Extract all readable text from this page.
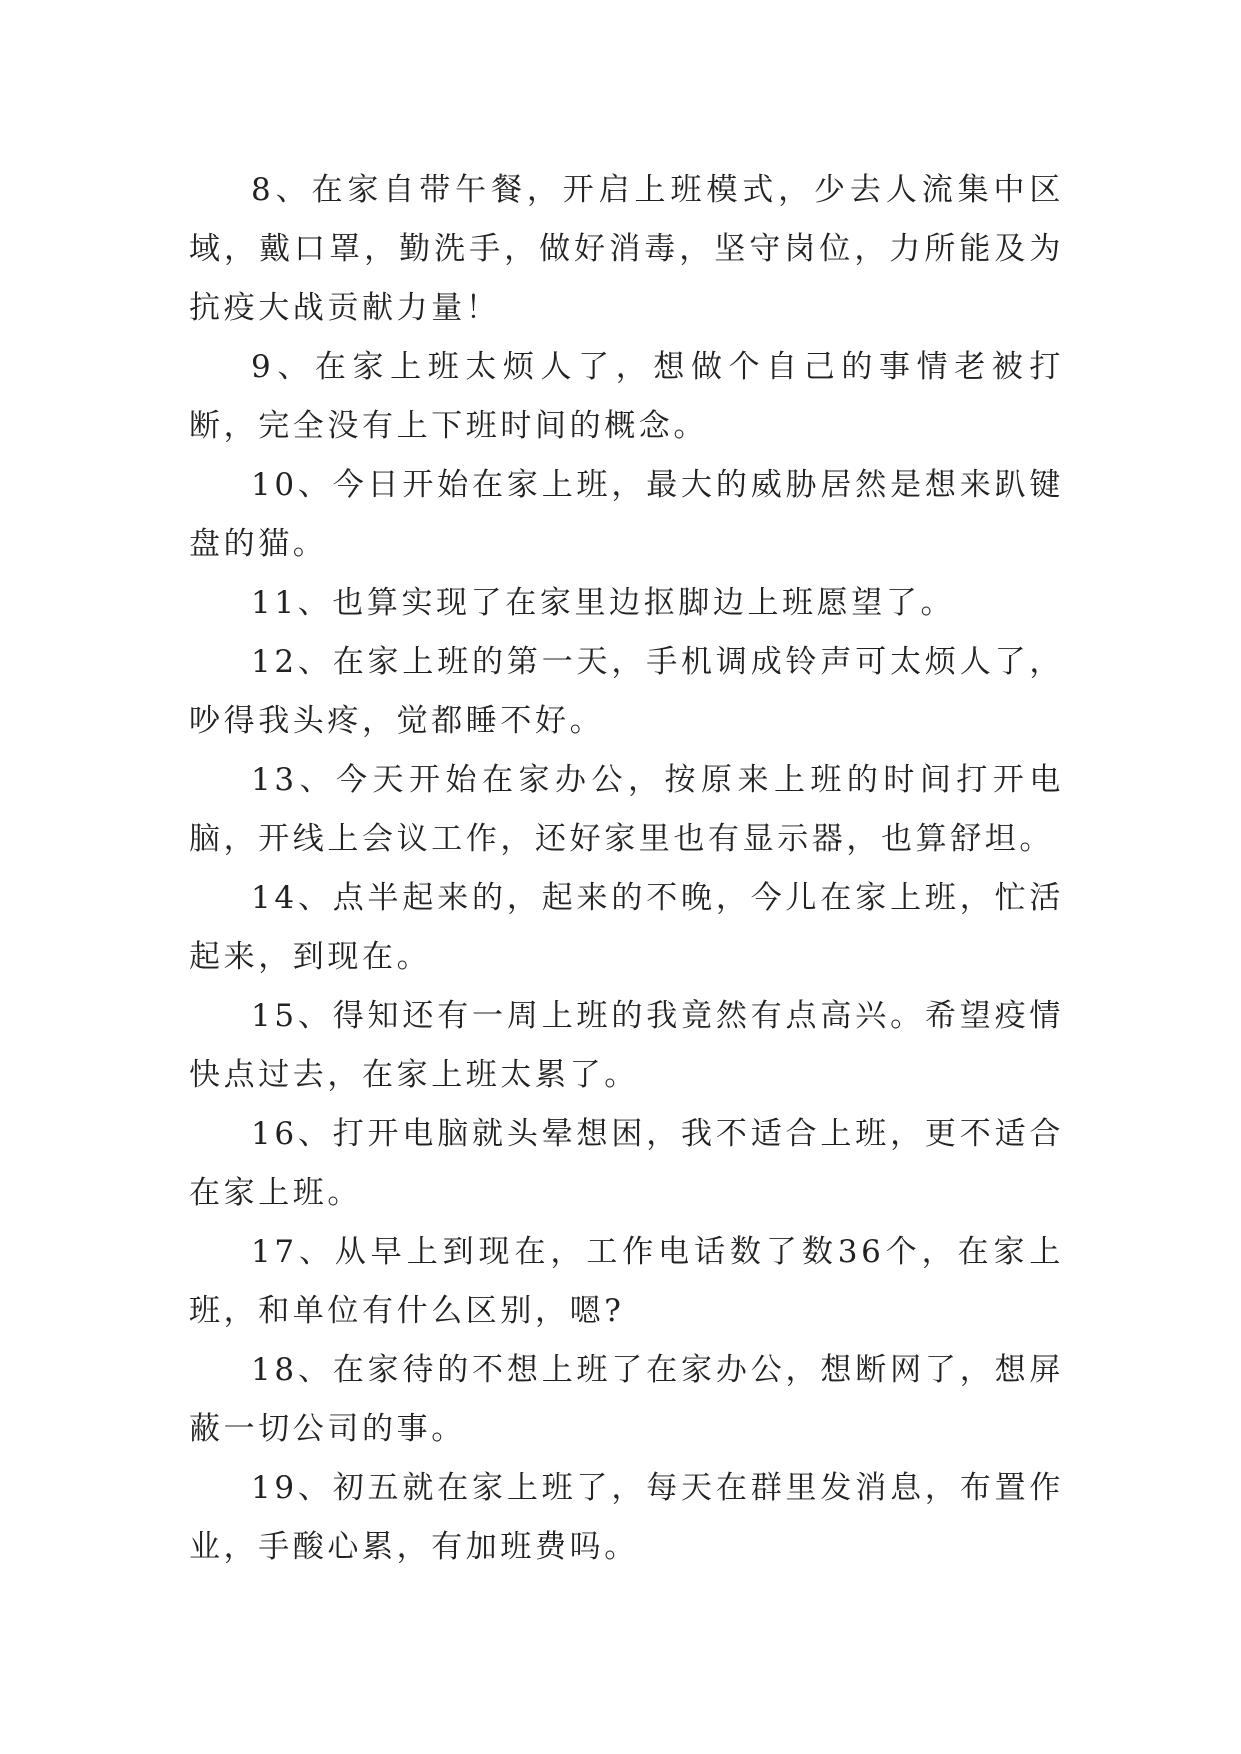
8、在家自带午餐，开启上班模式，少去人流集中区域，戴口罩，勤洗手，做好消毒，坚守岗位，力所能及为抗疫大战贡献力量！

9、在家上班太烦人了，想做个自己的事情老被打断，完全没有上下班时间的概念。

10、今日开始在家上班，最大的威胁居然是想来趴键盘的猫。

11、也算实现了在家里边抠脚边上班愿望了。

12、在家上班的第一天，手机调成铃声可太烦人了，吵得我头疼，觉都睡不好。

13、今天开始在家办公，按原来上班的时间打开电脑，开线上会议工作，还好家里也有显示器，也算舒坦。

14、点半起来的，起来的不晚，今儿在家上班，忙活起来，到现在。

15、得知还有一周上班的我竟然有点高兴。希望疫情快点过去，在家上班太累了。

16、打开电脑就头晕想困，我不适合上班，更不适合在家上班。

17、从早上到现在，工作电话数了数36个，在家上班，和单位有什么区别，嗯?

18、在家待的不想上班了在家办公，想断网了，想屏蔽一切公司的事。

19、初五就在家上班了，每天在群里发消息，布置作业，手酸心累，有加班费吗。
